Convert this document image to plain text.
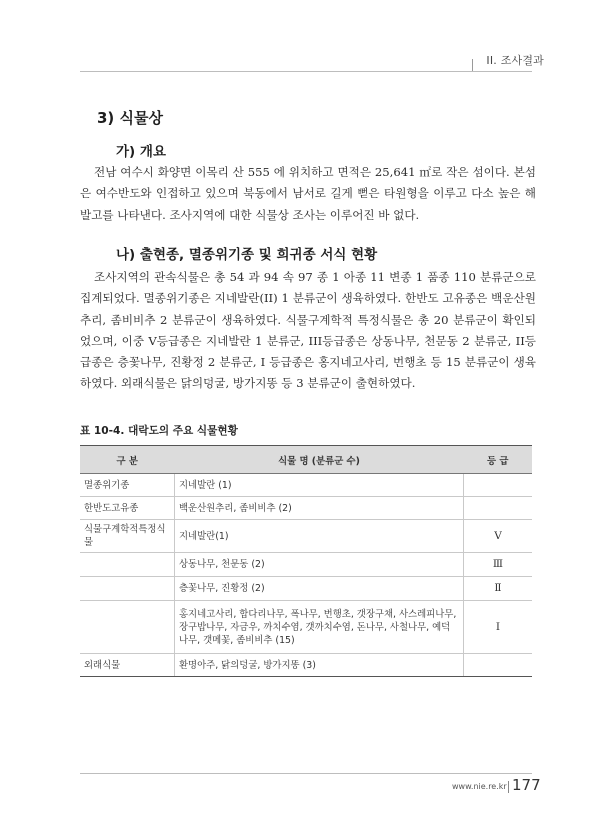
II. 조사결과
3) 식물상
가) 개요
전남 여수시 화양면 이목리 산 555 에 위치하고 면적은 25,641 ㎡로 작은 섬이다. 본섬은 여수반도와 인접하고 있으며 북동에서 남서로 길게 뻗은 타원형을 이루고 다소 높은 해발고를 나타낸다. 조사지역에 대한 식물상 조사는 이루어진 바 없다.
나) 출현종, 멸종위기종 및 희귀종 서식 현황
조사지역의 관속식물은 총 54 과 94 속 97 종 1 아종 11 변종 1 품종 110 분류군으로 집계되었다. 멸종위기종은 지네발란(II) 1 분류군이 생육하였다. 한반도 고유종은 백운산원추리, 좀비비추 2 분류군이 생육하였다. 식물구계학적 특정식물은 총 20 분류군이 확인되었으며, 이중 V등급종은 지네발란 1 분류군, III등급종은 상동나무, 천문동 2 분류군, II등급종은 층꽃나무, 진황정 2 분류군, I 등급종은 홍지네고사리, 번행초 등 15 분류군이 생육하였다. 외래식물은 닭의덩굴, 방가지똥 등 3 분류군이 출현하였다.
표 10-4. 대락도의 주요 식물현황
구 분	식물 명 (분류군 수)	등 급
멸종위기종	지네발란 (1)	
한반도고유종	백운산원추리, 좀비비추 (2)	
식물구계학적특정식물	지네발란(1)	Ⅴ
	상동나무, 천문동 (2)	Ⅲ
	층꽃나무, 진황정 (2)	Ⅱ
	홍지네고사리, 합다리나무, 폭나무, 번행초, 갯장구채, 사스레피나무, 장구밥나무, 자금우, 까치수염, 갯까치수염, 돈나무, 사철나무, 예덕나무, 갯메꽃, 좀비비추 (15)	Ⅰ
외래식물	환명아주, 닭의덩굴, 방가지똥 (3)	
www.nie.re.kr 177
